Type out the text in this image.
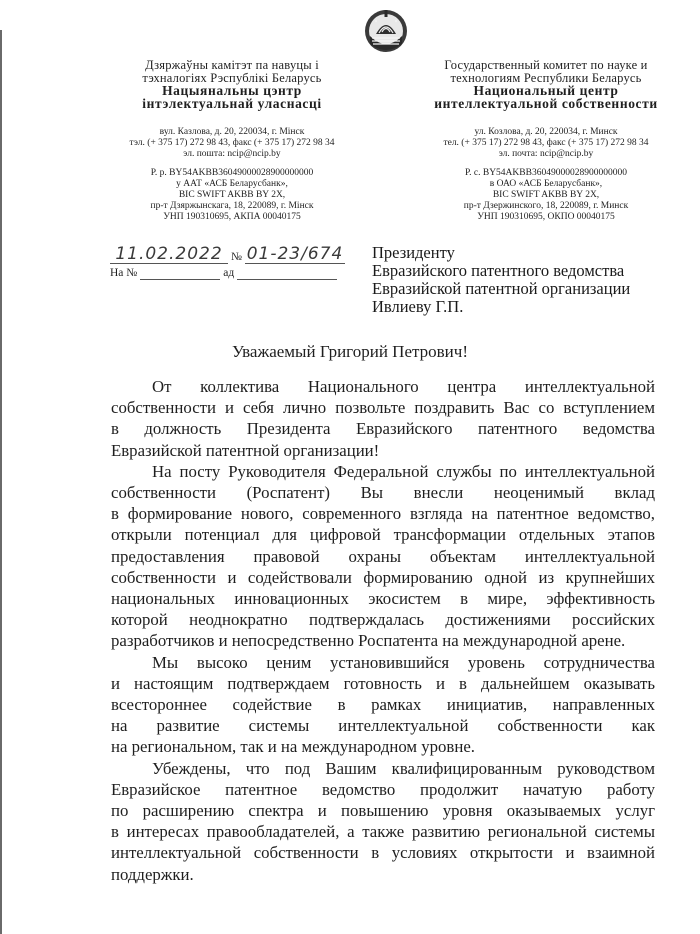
Дзяржаўны камітэт па навуцы і
тэхналогіях Рэспублікі Беларусь
Нацыянальны цэнтр
інтэлектуальнай уласнасці
вул. Казлова, д. 20, 220034, г. Мінск
тэл. (+ 375 17) 272 98 43, факс (+ 375 17) 272 98 34
эл. пошта: ncip@ncip.by
Р. р. BY54AKBB36049000028900000000
у ААТ «АСБ Беларусбанк»,
BIC SWIFT AKBB BY 2X,
пр-т Дзяржынскага, 18, 220089, г. Мінск
УНП 190310695, АКПА 00040175
Государственный комитет по науке и
технологиям Республики Беларусь
Национальный центр
интеллектуальной собственности
ул. Козлова, д. 20, 220034, г. Минск
тел. (+ 375 17) 272 98 43, факс (+ 375 17) 272 98 34
эл. почта: ncip@ncip.by
Р. с. BY54AKBB36049000028900000000
в ОАО «АСБ Беларусбанк»,
BIC SWIFT AKBB BY 2X,
пр-т Дзержинского, 18, 220089, г. Минск
УНП 190310695, ОКПО 00040175
11.02.2022 № 01-23/674
На №	ад
Президенту
Евразийского патентного ведомства
Евразийской патентной организации
Ивлиеву Г.П.
Уважаемый Григорий Петрович!
От коллектива Национального центра интеллектуальной
собственности и себя лично позвольте поздравить Вас со вступлением
в должность Президента Евразийского патентного ведомства
Евразийской патентной организации!
На посту Руководителя Федеральной службы по интеллектуальной
собственности (Роспатент) Вы внесли неоценимый вклад
в формирование нового, современного взгляда на патентное ведомство,
открыли потенциал для цифровой трансформации отдельных этапов
предоставления правовой охраны объектам интеллектуальной
собственности и содействовали формированию одной из крупнейших
национальных инновационных экосистем в мире, эффективность
которой неоднократно подтверждалась достижениями российских
разработчиков и непосредственно Роспатента на международной арене.
Мы высоко ценим установившийся уровень сотрудничества
и настоящим подтверждаем готовность и в дальнейшем оказывать
всестороннее содействие в рамках инициатив, направленных
на развитие системы интеллектуальной собственности как
на региональном, так и на международном уровне.
Убеждены, что под Вашим квалифицированным руководством
Евразийское патентное ведомство продолжит начатую работу
по расширению спектра и повышению уровня оказываемых услуг
в интересах правообладателей, а также развитию региональной системы
интеллектуальной собственности в условиях открытости и взаимной
поддержки.
